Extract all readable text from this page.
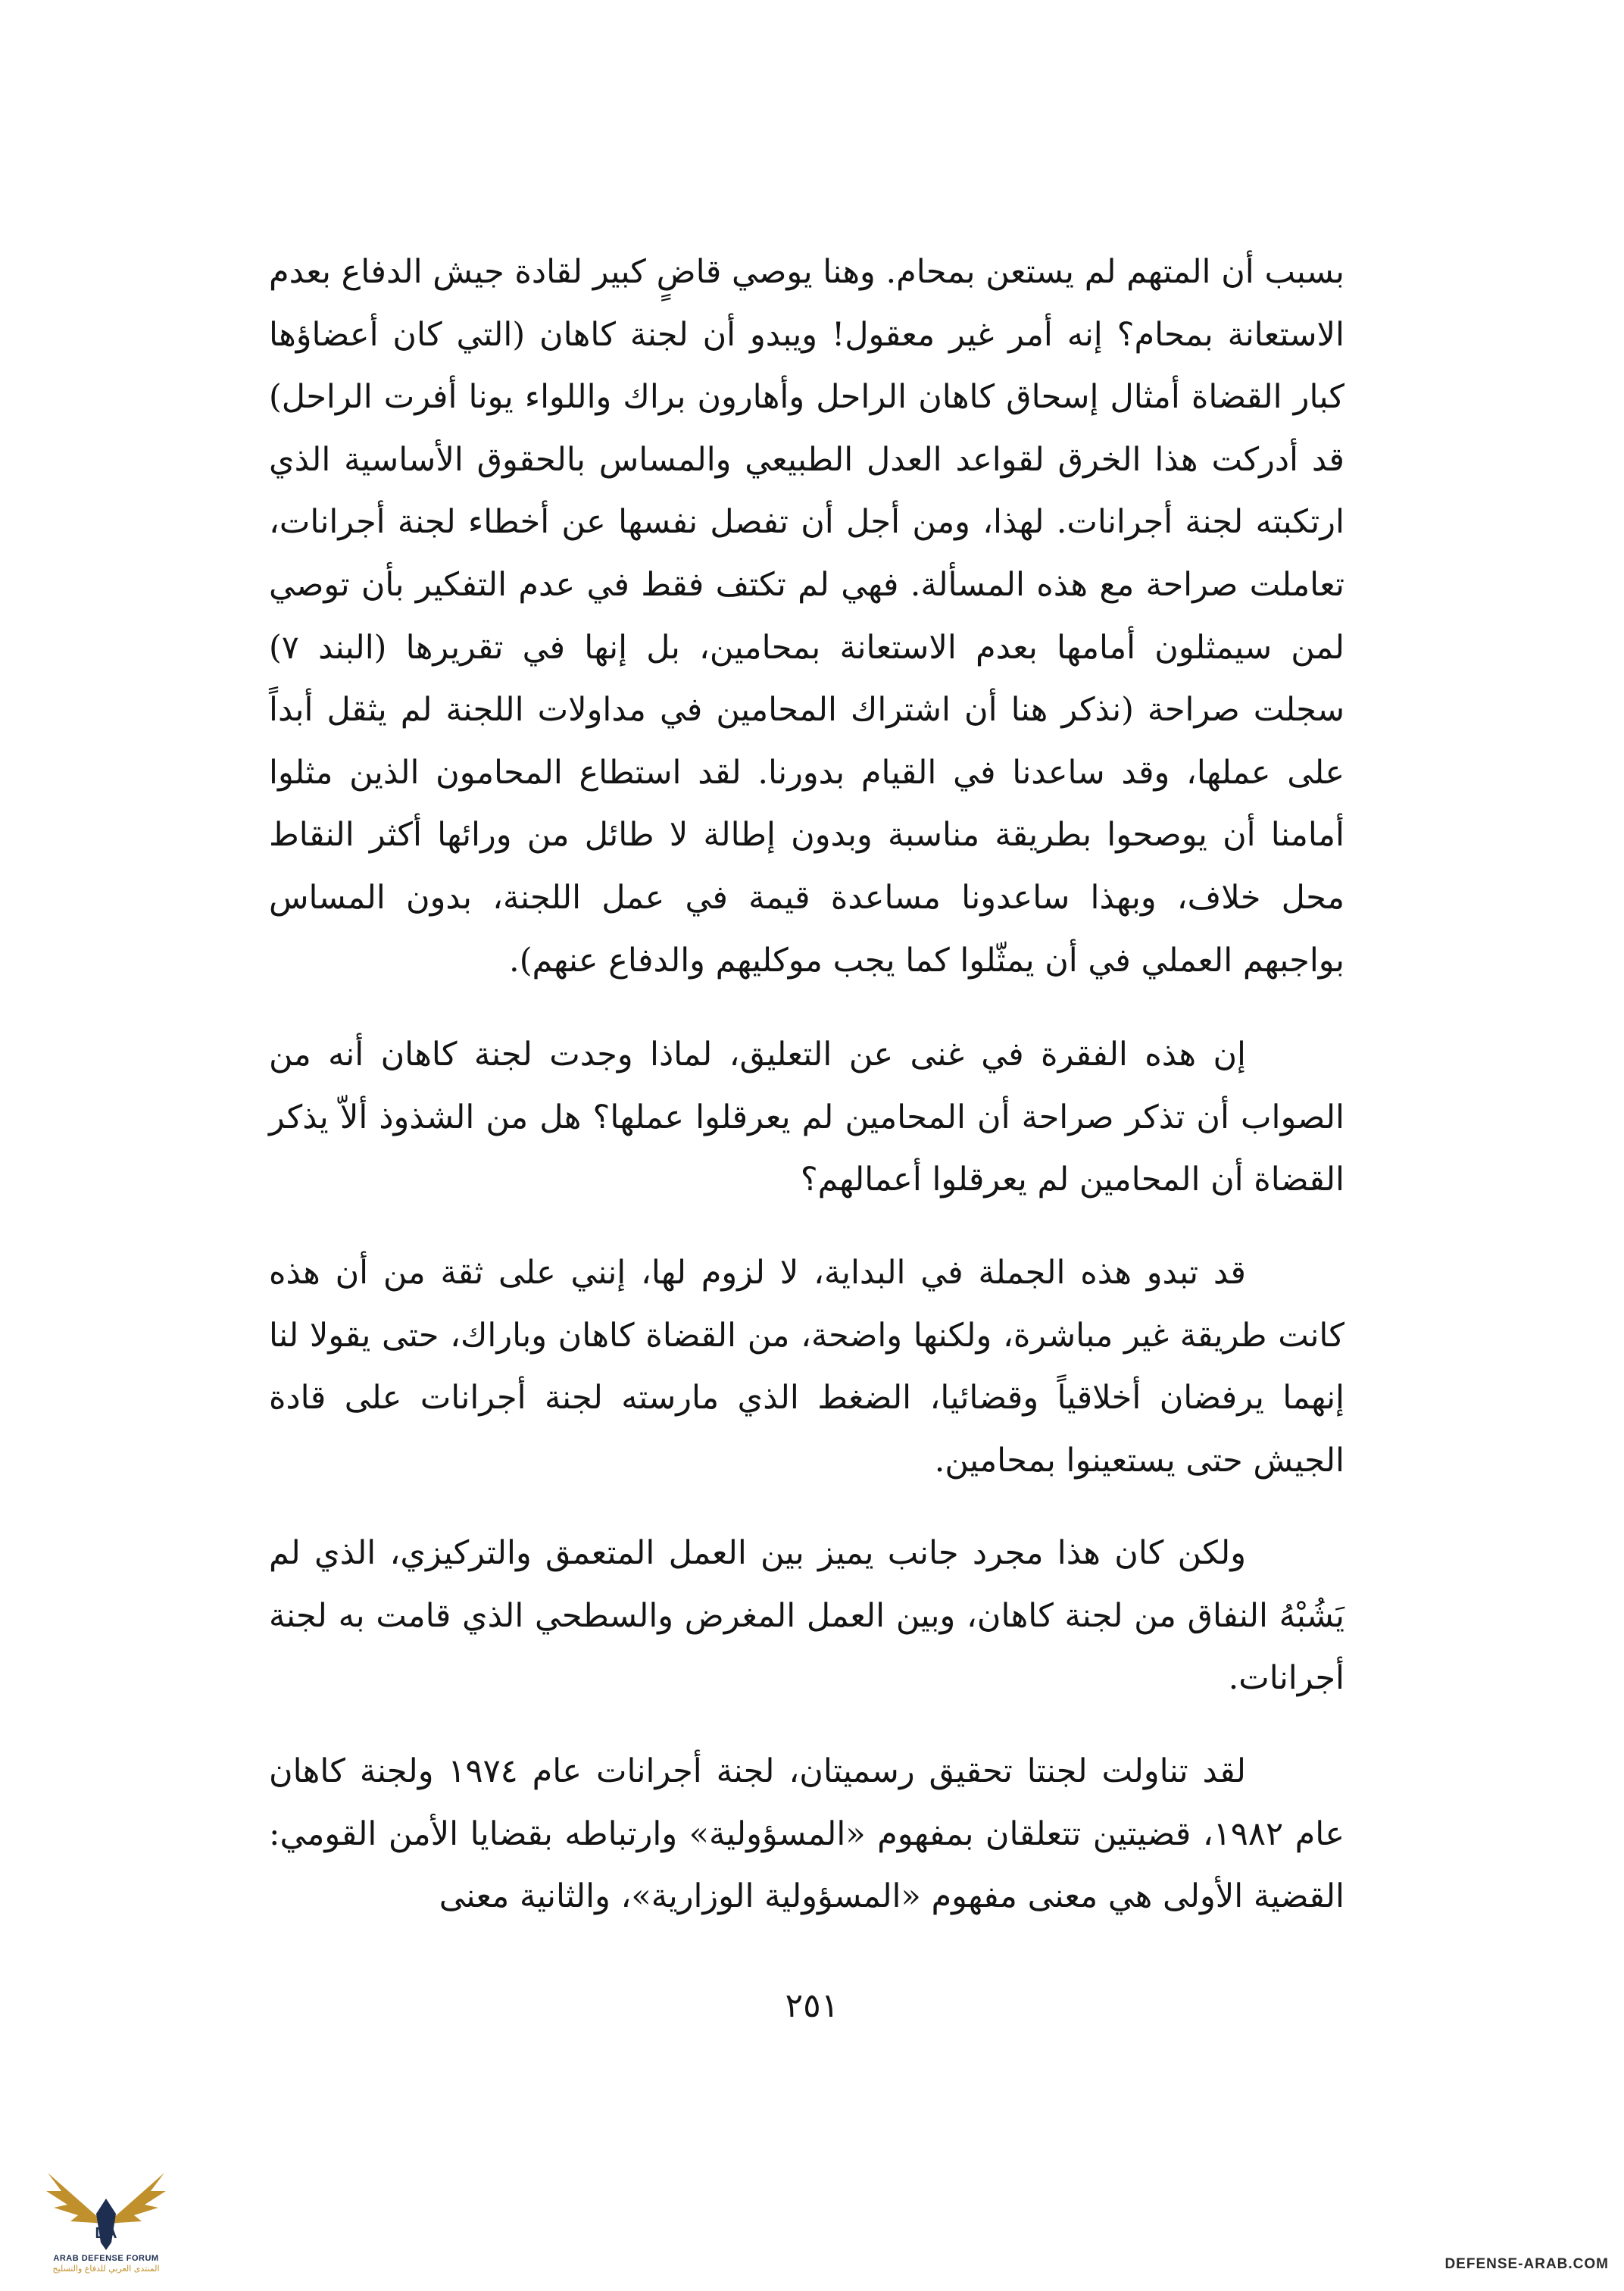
بسبب أن المتهم لم يستعن بمحام. وهنا يوصي قاضٍ كبير لقادة جيش الدفاع بعدم الاستعانة بمحام؟ إنه أمر غير معقول! ويبدو أن لجنة كاهان (التي كان أعضاؤها كبار القضاة أمثال إسحاق كاهان الراحل وأهارون براك واللواء يونا أفرت الراحل) قد أدركت هذا الخرق لقواعد العدل الطبيعي والمساس بالحقوق الأساسية الذي ارتكبته لجنة أجرانات. لهذا، ومن أجل أن تفصل نفسها عن أخطاء لجنة أجرانات، تعاملت صراحة مع هذه المسألة. فهي لم تكتف فقط في عدم التفكير بأن توصي لمن سيمثلون أمامها بعدم الاستعانة بمحامين، بل إنها في تقريرها (البند ٧) سجلت صراحة (نذكر هنا أن اشتراك المحامين في مداولات اللجنة لم يثقل أبداً على عملها، وقد ساعدنا في القيام بدورنا. لقد استطاع المحامون الذين مثلوا أمامنا أن يوصحوا بطريقة مناسبة وبدون إطالة لا طائل من ورائها أكثر النقاط محل خلاف، وبهذا ساعدونا مساعدة قيمة في عمل اللجنة، بدون المساس بواجبهم العملي في أن يمثّلوا كما يجب موكليهم والدفاع عنهم).

إن هذه الفقرة في غنى عن التعليق، لماذا وجدت لجنة كاهان أنه من الصواب أن تذكر صراحة أن المحامين لم يعرقلوا عملها؟ هل من الشذوذ ألاّ يذكر القضاة أن المحامين لم يعرقلوا أعمالهم؟

قد تبدو هذه الجملة في البداية، لا لزوم لها، إنني على ثقة من أن هذه كانت طريقة غير مباشرة، ولكنها واضحة، من القضاة كاهان وباراك، حتى يقولا لنا إنهما يرفضان أخلاقياً وقضائيا، الضغط الذي مارسته لجنة أجرانات على قادة الجيش حتى يستعينوا بمحامين.

ولكن كان هذا مجرد جانب يميز بين العمل المتعمق والتركيزي، الذي لم يَشُبْهُ النفاق من لجنة كاهان، وبين العمل المغرض والسطحي الذي قامت به لجنة أجرانات.

لقد تناولت لجنتا تحقيق رسميتان، لجنة أجرانات عام ١٩٧٤ ولجنة كاهان عام ١٩٨٢، قضيتين تتعلقان بمفهوم «المسؤولية» وارتباطه بقضايا الأمن القومي: القضية الأولى هي معنى مفهوم «المسؤولية الوزارية»، والثانية معنى

٢٥١
DA
ARAB DEFENSE FORUM
المنتدى العربي للدفاع والتسليح	DEFENSE-ARAB.COM
